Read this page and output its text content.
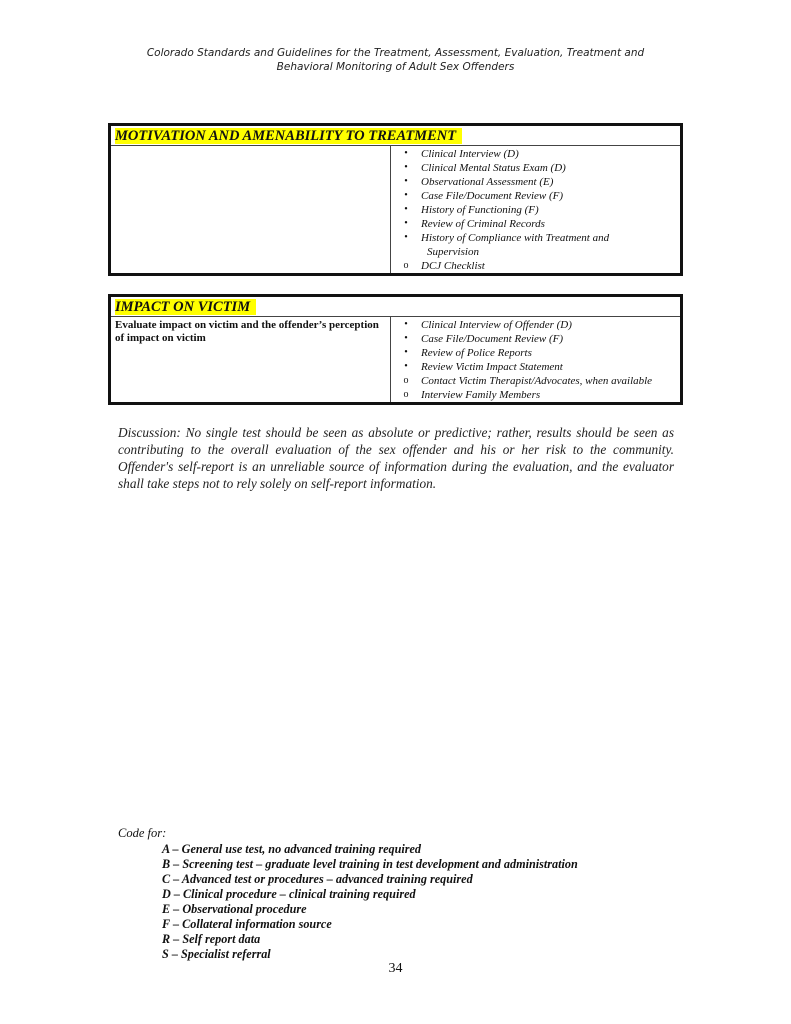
Colorado Standards and Guidelines for the Treatment, Assessment, Evaluation, Treatment and
Behavioral Monitoring of Adult Sex Offenders
MOTIVATION AND AMENABILITY TO TREATMENT
•	Clinical Interview (D)
•	Clinical Mental Status Exam (D)
•	Observational Assessment (E)
•	Case File/Document Review (F)
•	History of Functioning (F)
•	Review of Criminal Records
•	History of Compliance with Treatment and
Supervision
o	DCJ Checklist
IMPACT ON VICTIM
Evaluate impact on victim and the offender’s perception of impact on victim
•	Clinical Interview of Offender (D)
•	Case File/Document Review (F)
•	Review of Police Reports
•	Review Victim Impact Statement
o	Contact Victim Therapist/Advocates, when available
o	Interview Family Members
Discussion: No single test should be seen as absolute or predictive; rather, results should be seen as contributing to the overall evaluation of the sex offender and his or her risk to the community. Offender's self-report is an unreliable source of information during the evaluation, and the evaluator shall take steps not to rely solely on self-report information.
Code for:
A – General use test, no advanced training required
B – Screening test – graduate level training in test development and administration
C – Advanced test or procedures – advanced training required
D – Clinical procedure – clinical training required
E – Observational procedure
F – Collateral information source
R – Self report data
S – Specialist referral
34
